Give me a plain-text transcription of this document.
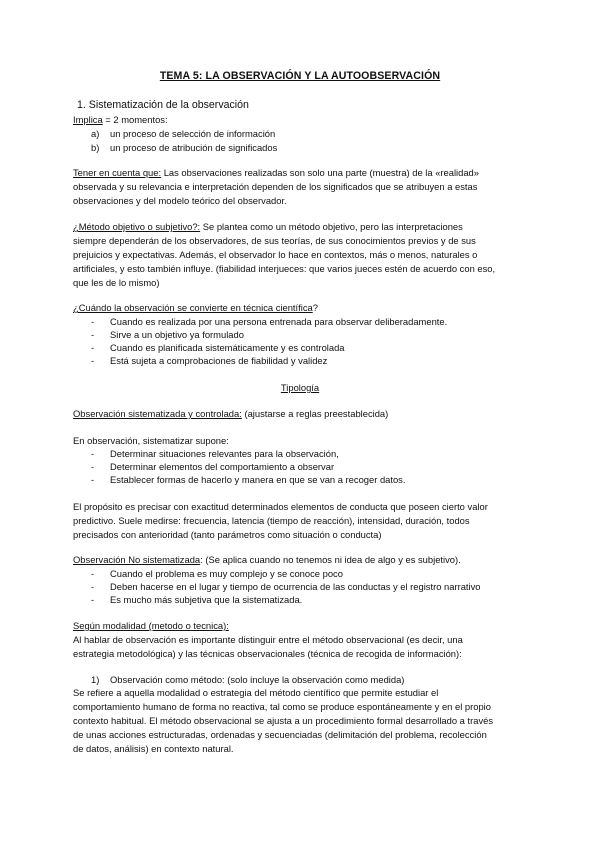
TEMA 5: LA OBSERVACIÓN Y LA AUTOOBSERVACIÓN
1. Sistematización de la observación
Implica = 2 momentos:
a) un proceso de selección de información
b) un proceso de atribución de significados
Tener en cuenta que: Las observaciones realizadas son solo una parte (muestra) de la «realidad»
observada y su relevancia e interpretación dependen de los significados que se atribuyen a estas
observaciones y del modelo teórico del observador.
¿Método objetivo o subjetivo?: Se plantea como un método objetivo, pero las interpretaciones
siempre dependerán de los observadores, de sus teorías, de sus conocimientos previos y de sus
prejuicios y expectativas. Además, el observador lo hace en contextos, más o menos, naturales o
artificiales, y esto también influye. (fiabilidad interjueces: que varios jueces estén de acuerdo con eso,
que les de lo mismo)
¿Cuándo la observación se convierte en técnica científica?
- Cuando es realizada por una persona entrenada para observar deliberadamente.
- Sirve a un objetivo ya formulado
- Cuando es planificada sistemáticamente y es controlada
- Está sujeta a comprobaciones de fiabilidad y validez
Tipología
Observación sistematizada y controlada: (ajustarse a reglas preestablecida)
En observación, sistematizar supone:
- Determinar situaciones relevantes para la observación,
- Determinar elementos del comportamiento a observar
- Establecer formas de hacerlo y manera en que se van a recoger datos.
El propósito es precisar con exactitud determinados elementos de conducta que poseen cierto valor
predictivo. Suele medirse: frecuencia, latencia (tiempo de reacción), intensidad, duración, todos
precisados con anterioridad (tanto parámetros como situación o conducta)
Observación No sistematizada: (Se aplica cuando no tenemos ni idea de algo y es subjetivo).
- Cuando el problema es muy complejo y se conoce poco
- Deben hacerse en el lugar y tiempo de ocurrencia de las conductas y el registro narrativo
- Es mucho más subjetiva que la sistematizada.
Según modalidad (metodo o tecnica):
Al hablar de observación es importante distinguir entre el método observacional (es decir, una
estrategia metodológica) y las técnicas observacionales (técnica de recogida de información):
1) Observación como método: (solo incluye la observación como medida)
Se refiere a aquella modalidad o estrategia del método científico que permite estudiar el
comportamiento humano de forma no reactiva, tal como se produce espontáneamente y en el propio
contexto habitual. El método observacional se ajusta a un procedimiento formal desarrollado a través
de unas acciones estructuradas, ordenadas y secuenciadas (delimitación del problema, recolección
de datos, análisis) en contexto natural.
